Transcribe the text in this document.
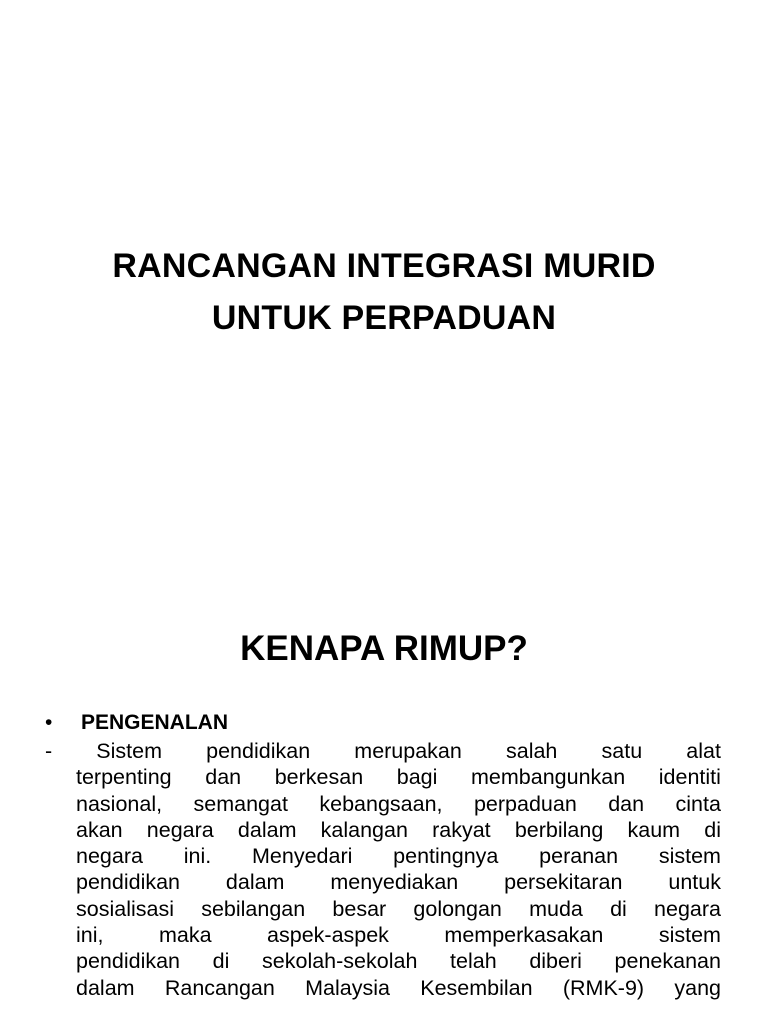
RANCANGAN INTEGRASI MURID
UNTUK PERPADUAN
KENAPA RIMUP?
• PENGENALAN
- Sistem pendidikan merupakan salah satu alat
terpenting dan berkesan bagi membangunkan identiti
nasional, semangat kebangsaan, perpaduan dan cinta
akan negara dalam kalangan rakyat berbilang kaum di
negara ini. Menyedari pentingnya peranan sistem
pendidikan dalam menyediakan persekitaran untuk
sosialisasi sebilangan besar golongan muda di negara
ini,	maka	aspek-aspek	memperkasakan	sistem
pendidikan di sekolah-sekolah telah diberi penekanan
dalam Rancangan Malaysia Kesembilan (RMK-9) yang
